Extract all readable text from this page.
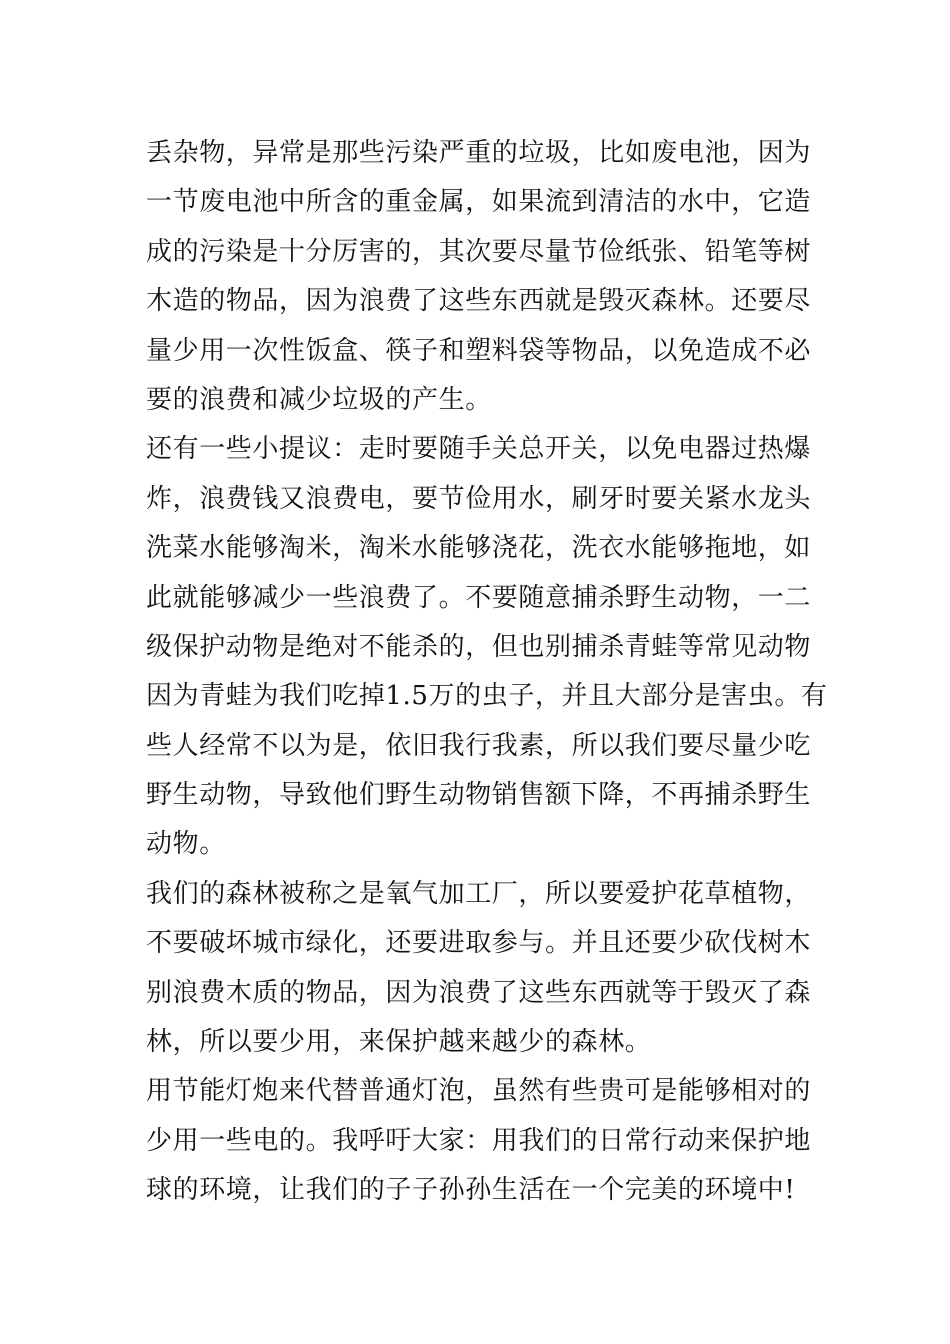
丢杂物，异常是那些污染严重的垃圾，比如废电池，因为
一节废电池中所含的重金属，如果流到清洁的水中，它造
成的污染是十分厉害的，其次要尽量节俭纸张、铅笔等树
木造的物品，因为浪费了这些东西就是毁灭森林。还要尽
量少用一次性饭盒、筷子和塑料袋等物品，以免造成不必
要的浪费和减少垃圾的产生。
还有一些小提议：走时要随手关总开关，以免电器过热爆
炸，浪费钱又浪费电，要节俭用水，刷牙时要关紧水龙头
洗菜水能够淘米，淘米水能够浇花，洗衣水能够拖地，如
此就能够减少一些浪费了。不要随意捕杀野生动物，一二
级保护动物是绝对不能杀的，但也别捕杀青蛙等常见动物
因为青蛙为我们吃掉1.5万的虫子，并且大部分是害虫。有
些人经常不以为是，依旧我行我素，所以我们要尽量少吃
野生动物，导致他们野生动物销售额下降，不再捕杀野生
动物。
我们的森林被称之是氧气加工厂，所以要爱护花草植物，
不要破坏城市绿化，还要进取参与。并且还要少砍伐树木
别浪费木质的物品，因为浪费了这些东西就等于毁灭了森
林，所以要少用，来保护越来越少的森林。
用节能灯炮来代替普通灯泡，虽然有些贵可是能够相对的
少用一些电的。我呼吁大家：用我们的日常行动来保护地
球的环境，让我们的子子孙孙生活在一个完美的环境中!
